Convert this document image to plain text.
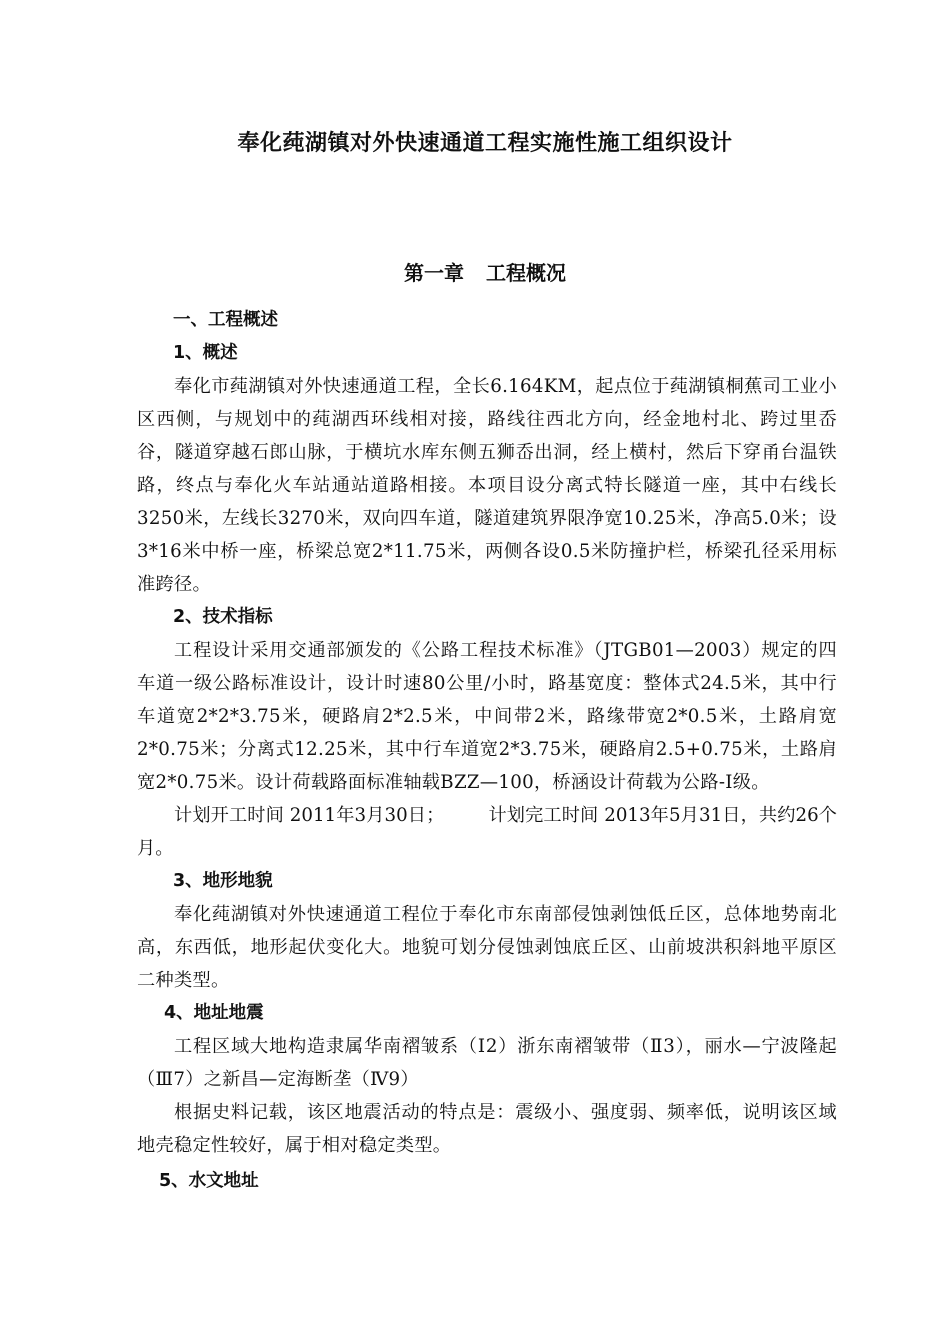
奉化莼湖镇对外快速通道工程实施性施工组织设计
第一章 工程概况
一、工程概述
1、概述

奉化市莼湖镇对外快速通道工程，全长6.164KM，起点位于莼湖镇桐蕉司工业小区西侧，与规划中的莼湖西环线相对接，路线往西北方向，经金地村北、跨过里岙谷，隧道穿越石郎山脉，于横坑水库东侧五狮岙出洞，经上横村，然后下穿甬台温铁路，终点与奉化火车站通站道路相接。本项目设分离式特长隧道一座，其中右线长3250米，左线长3270米，双向四车道，隧道建筑界限净宽10.25米，净高5.0米；设3*16米中桥一座，桥梁总宽2*11.75米，两侧各设0.5米防撞护栏，桥梁孔径采用标准跨径。

2、技术指标

工程设计采用交通部颁发的《公路工程技术标准》（JTGB01—2003）规定的四车道一级公路标准设计，设计时速80公里/小时，路基宽度：整体式24.5米，其中行车道宽2*2*3.75米，硬路肩2*2.5米，中间带2米，路缘带宽2*0.5米，土路肩宽2*0.75米；分离式12.25米，其中行车道宽2*3.75米，硬路肩2.5+0.75米，土路肩宽2*0.75米。设计荷载路面标准轴载BZZ—100，桥涵设计荷载为公路-Ⅰ级。

计划开工时间 2011年3月30日； 计划完工时间 2013年5月31日，共约26个月。

3、地形地貌

奉化莼湖镇对外快速通道工程位于奉化市东南部侵蚀剥蚀低丘区，总体地势南北高，东西低，地形起伏变化大。地貌可划分侵蚀剥蚀底丘区、山前坡洪积斜地平原区二种类型。

4、地址地震

工程区域大地构造隶属华南褶皱系（Ⅰ2）浙东南褶皱带（Ⅱ3），丽水—宁波隆起（Ⅲ7）之新昌—定海断垄（Ⅳ9）

根据史料记载，该区地震活动的特点是：震级小、强度弱、频率低，说明该区域地壳稳定性较好，属于相对稳定类型。

5、水文地址
